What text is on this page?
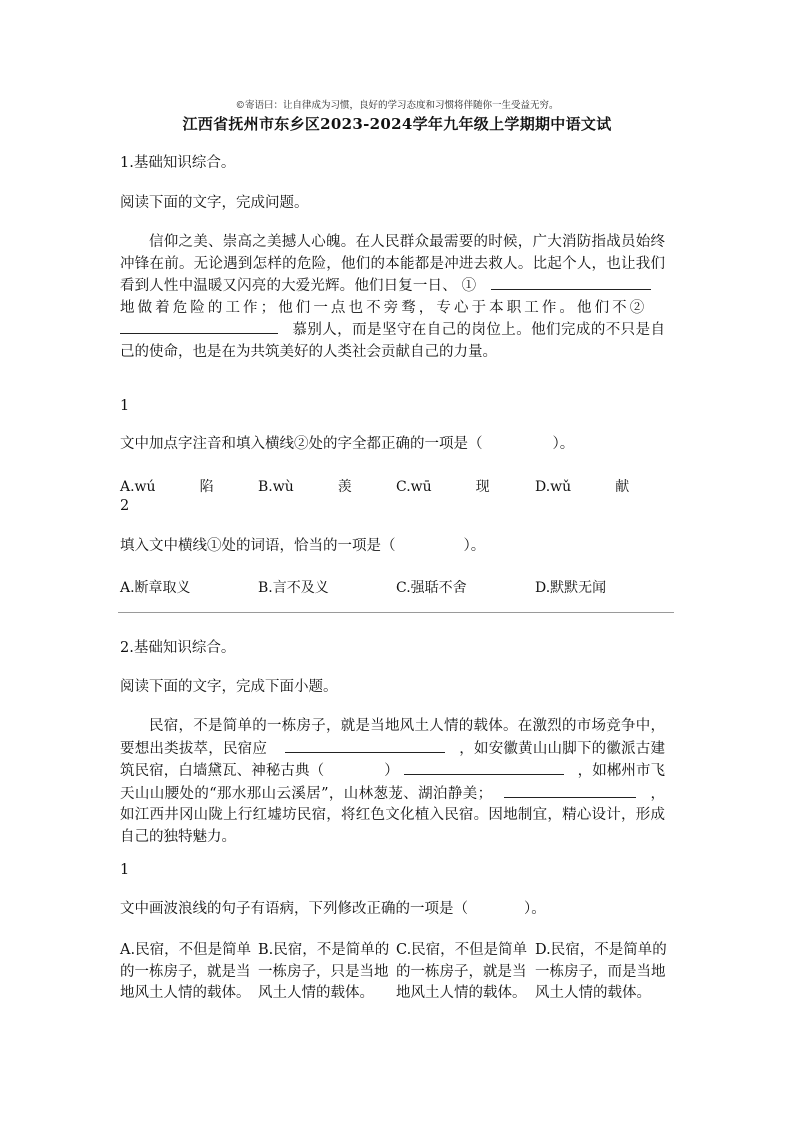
©寄语曰：让自律成为习惯，良好的学习态度和习惯将伴随你一生受益无穷。
江西省抚州市东乡区2023-2024学年九年级上学期期中语文试
1.基础知识综合。
阅读下面的文字，完成问题。
信仰之美、崇高之美撼人心魄。在人民群众最需要的时候，广大消防指战员始终冲锋在前。无论遇到怎样的危险，他们的本能都是冲进去救人。比起个人，也让我们看到人性中温暖又闪亮的大爱光辉。他们日复一日、 ① 地做着危险的工作；他们一点也不旁骛，专心于本职工作。他们不② 慕别人，而是坚守在自己的岗位上。他们完成的不只是自己的使命，也是在为共筑美好的人类社会贡献自己的力量。
1
文中加点字注音和填入横线②处的字全都正确的一项是（	）。
A.wú	陷	B.wù	羡	C.wū	现	D.wǔ	献
2
填入文中横线①处的词语，恰当的一项是（	）。
A.断章取义	B.言不及义	C.强聒不舍	D.默默无闻
2.基础知识综合。
阅读下面的文字，完成下面小题。
民宿，不是简单的一栋房子，就是当地风土人情的载体。在激烈的市场竞争中，要想出类拔萃，民宿应	，如安徽黄山山脚下的徽派古建筑民宿，白墙黛瓦、神秘古典（	）	，如郴州市飞天山山腰处的“那水那山云溪居”，山林葱茏、湖泊静美；	，如江西井冈山陇上行红墟坊民宿，将红色文化植入民宿。因地制宜，精心设计，形成自己的独特魅力。
1
文中画波浪线的句子有语病，下列修改正确的一项是（	）。
A.民宿，不但是简单的一栋房子，就是当地风土人情的载体。
B.民宿，不是简单的一栋房子，只是当地风土人情的载体。
C.民宿，不但是简单的一栋房子，就是当地风土人情的载体。
D.民宿，不是简单的一栋房子，而是当地风土人情的载体。
